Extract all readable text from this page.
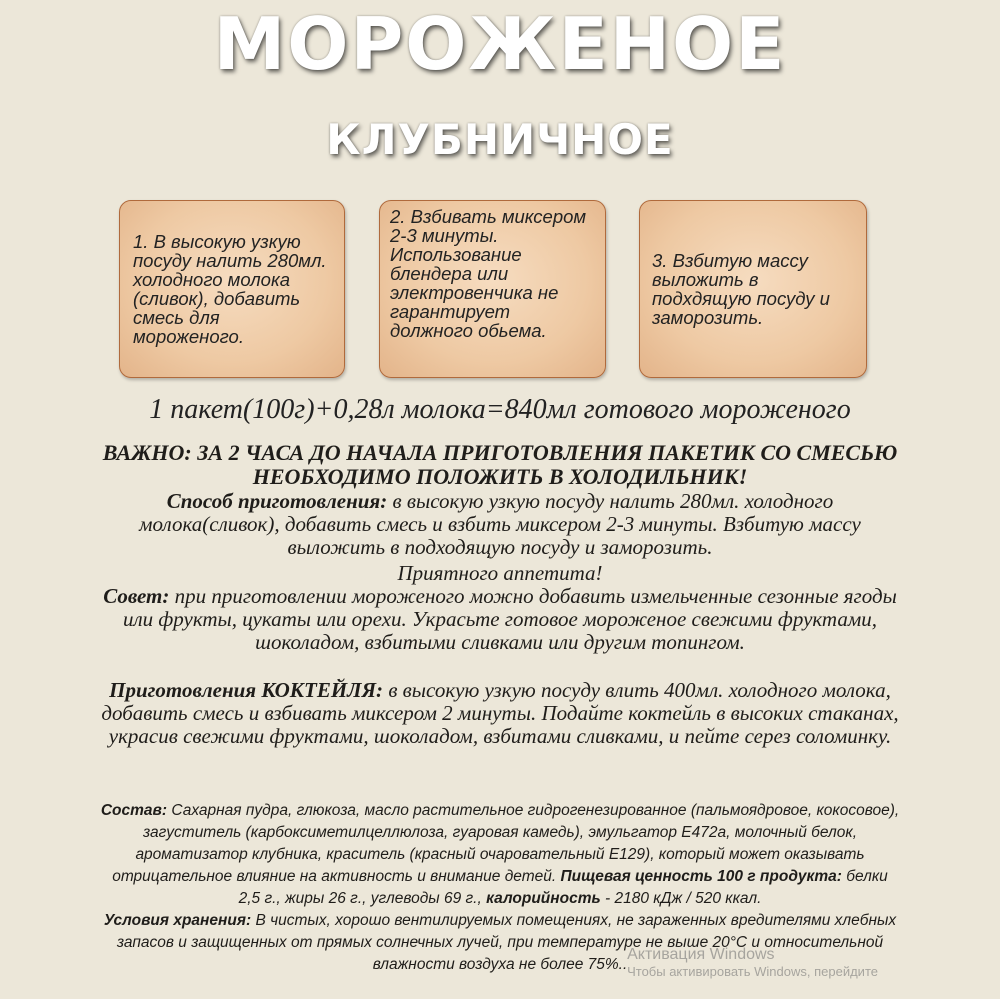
МОРОЖЕНОЕ
КЛУБНИЧНОЕ
1. В высокую узкую посуду налить 280мл. холодного молока (сливок), добавить смесь для мороженого.
2. Взбивать миксером 2-3 минуты. Использование блендера или электровенчика не гарантирует должного обьема.
3. Взбитую массу выложить в подхдящую посуду и заморозить.
1 пакет(100г)+0,28л молока=840мл готового мороженого
ВАЖНО: ЗА 2 ЧАСА ДО НАЧАЛА ПРИГОТОВЛЕНИЯ ПАКЕТИК СО СМЕСЬЮ НЕОБХОДИМО ПОЛОЖИТЬ В ХОЛОДИЛЬНИК!
Способ приготовления: в высокую узкую посуду налить 280мл. холодного молока(сливок), добавить смесь и взбить миксером 2-3 минуты. Взбитую массу выложить в подходящую посуду и заморозить.
Приятного аппетита!
Совет: при приготовлении мороженого можно добавить измельченные сезонные ягоды или фрукты, цукаты или орехи. Украсьте готовое мороженое свежими фруктами, шоколадом, взбитыми сливками или другим топингом.
Приготовления КОКТЕЙЛЯ: в высокую узкую посуду влить 400мл. холодного молока, добавить смесь и взбивать миксером 2 минуты. Подайте коктейль в высоких стаканах, украсив свежими фруктами, шоколадом, взбитами сливками, и пейте серез соломинку.
Состав: Сахарная пудра, глюкоза, масло растительное гидрогенезированное (пальмоядровое, кокосовое), загуститель (карбоксиметилцеллюлоза, гуаровая камедь), эмульгатор Е472а, молочный белок, ароматизатор клубника, краситель (красный очаровательный Е129), который может оказывать отрицательное влияние на активность и внимание детей. Пищевая ценность 100 г продукта: белки 2,5 г., жиры 26 г., углеводы 69 г., калорийность - 2180 кДж / 520 ккал.
Условия хранения: В чистых, хорошо вентилируемых помещениях, не зараженных вредителями хлебных запасов и защищенных от прямых солнечных лучей, при температуре не выше 20°С и относительной влажности воздуха не более 75%..
Активация Windows
Чтобы активировать Windows, перейдите
